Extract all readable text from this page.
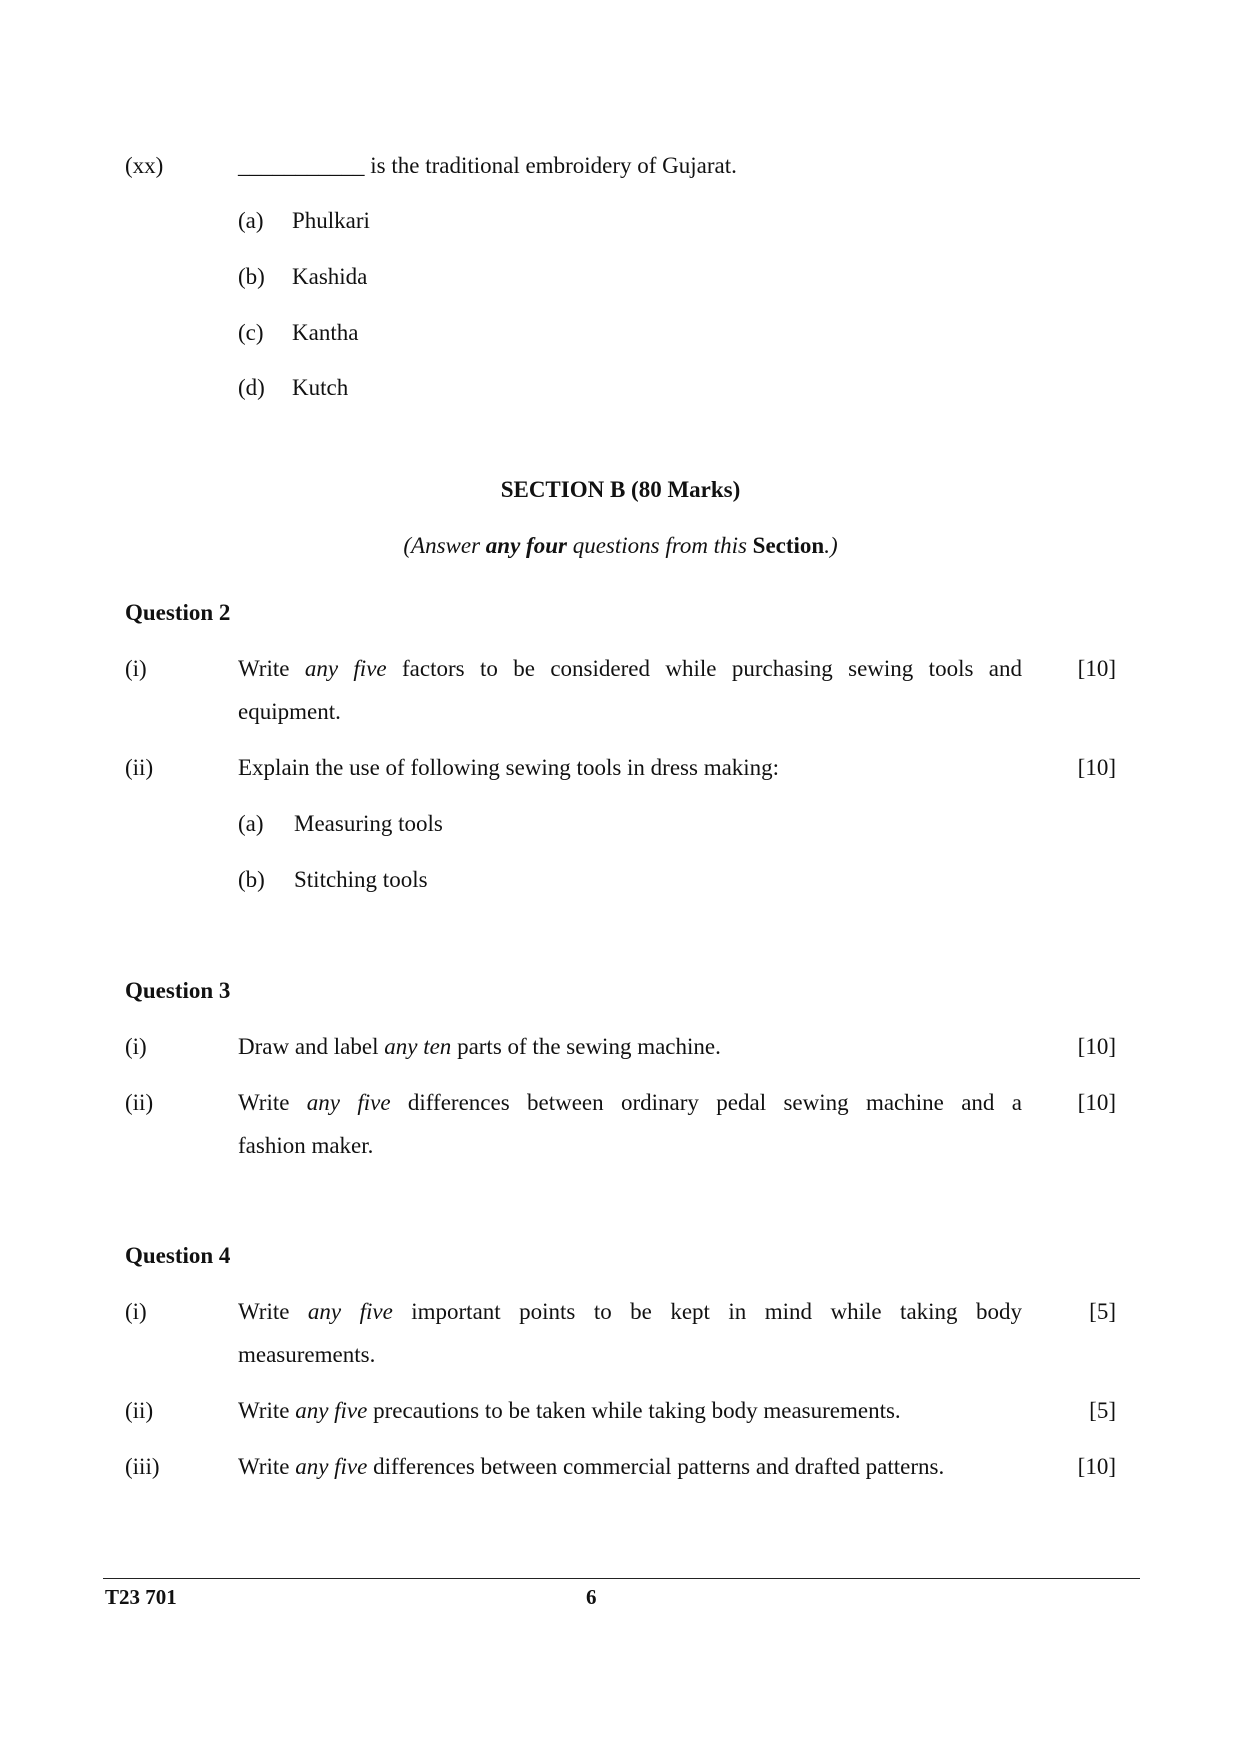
(xx)	___________ is the traditional embroidery of Gujarat.
(a) Phulkari
(b) Kashida
(c) Kantha
(d) Kutch
SECTION B (80 Marks)
(Answer any four questions from this Section.)
Question 2
(i)	Write any five factors to be considered while purchasing sewing tools and
equipment.
[10]
(ii)	Explain the use of following sewing tools in dress making:	[10]
(a) Measuring tools
(b) Stitching tools
Question 3
(i)	Draw and label any ten parts of the sewing machine.	[10]
(ii)	Write any five differences between ordinary pedal sewing machine and a
fashion maker.
[10]
Question 4
(i)	Write any five important points to be kept in mind while taking body
measurements.
[5]
(ii)	Write any five precautions to be taken while taking body measurements.	[5]
(iii)	Write any five differences between commercial patterns and drafted patterns.	[10]
T23 701	6
